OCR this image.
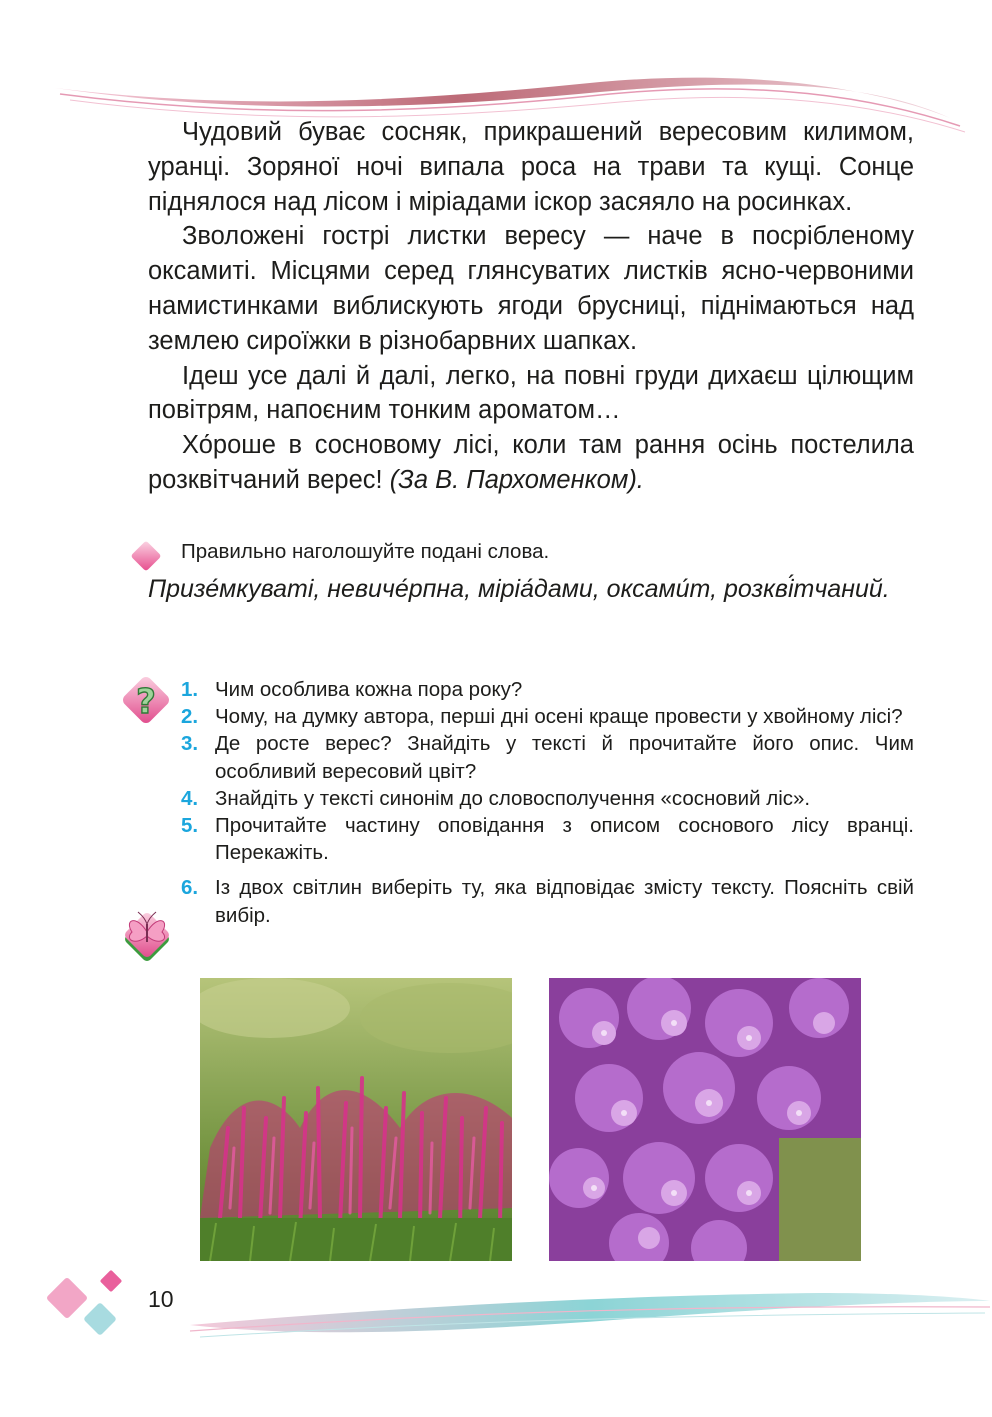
Чудовий буває сосняк, прикрашений вересовим килимом, уранці. Зоряної ночі випала роса на трави та кущі. Сонце піднялося над лісом і міріадами іскор засяяло на росинках.

Зволожені гострі листки вересу — наче в посрібленому оксамиті. Місцями серед глянсуватих листків ясно-червоними намистинками виблискують ягоди брусниці, піднімаються над землею сироїжки в різнобарвних шапках.

Ідеш усе далі й далі, легко, на повні груди дихаєш цілющим повітрям, напоєним тонким ароматом…

Хо́роше в сосновому лісі, коли там рання осінь постелила розквітчаний верес! (За В. Пархоменком).

Правильно наголошуйте подані слова.
Призе́мкуваті, невиче́рпна, міріа́дами, оксами́т, розкві́тчаний.
? 1. Чим особлива кожна пора року?
2. Чому, на думку автора, перші дні осені краще провести у хвойному лісі?
3. Де росте верес? Знайдіть у тексті й прочитайте його опис. Чим особливий вересовий цвіт?
4. Знайдіть у тексті синонім до словосполучення «сосновий ліс».
5. Прочитайте частину оповідання з описом соснового лісу вранці. Перекажіть.
6. Із двох світлин виберіть ту, яка відповідає змісту тексту. Поясніть свій вибір.
10
